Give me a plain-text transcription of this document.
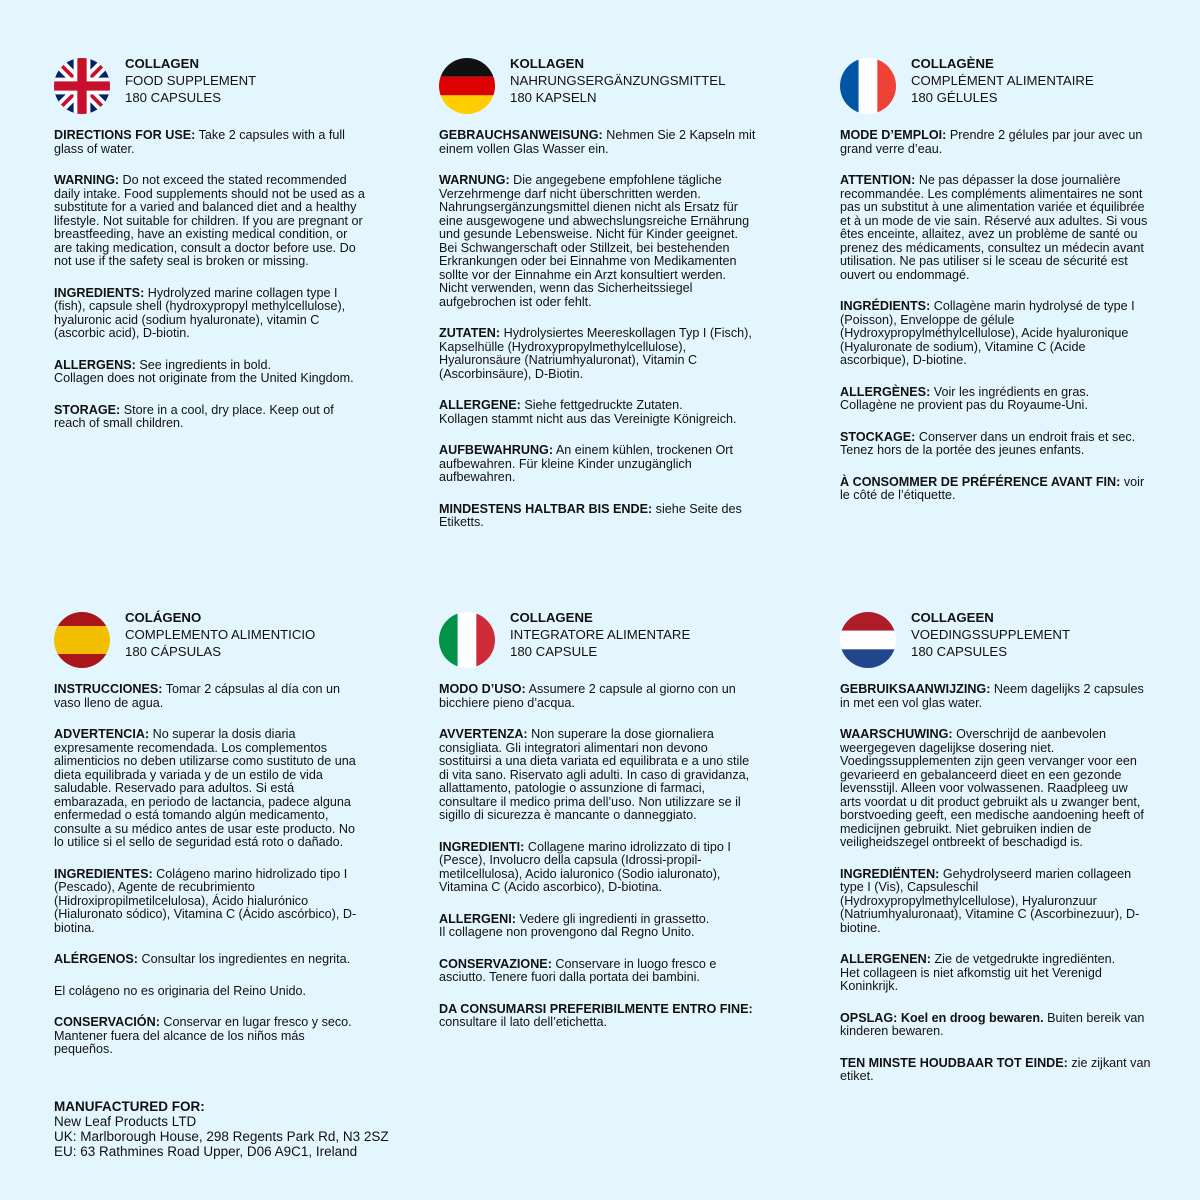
COLLAGEN
FOOD SUPPLEMENT
180 CAPSULES

DIRECTIONS FOR USE: Take 2 capsules with a full glass of water.

WARNING: Do not exceed the stated recommended daily intake. Food supplements should not be used as a substitute for a varied and balanced diet and a healthy lifestyle. Not suitable for children. If you are pregnant or breastfeeding, have an existing medical condition, or are taking medication, consult a doctor before use. Do not use if the safety seal is broken or missing.

INGREDIENTS: Hydrolyzed marine collagen type I (fish), capsule shell (hydroxypropyl methylcellulose), hyaluronic acid (sodium hyaluronate), vitamin C (ascorbic acid), D-biotin.

ALLERGENS: See ingredients in bold.
Collagen does not originate from the United Kingdom.

STORAGE: Store in a cool, dry place. Keep out of reach of small children.

KOLLAGEN
NAHRUNGSERGÄNZUNGSMITTEL
180 KAPSELN

GEBRAUCHSANWEISUNG: Nehmen Sie 2 Kapseln mit einem vollen Glas Wasser ein.

WARNUNG: Die angegebene empfohlene tägliche Verzehrmenge darf nicht überschritten werden. Nahrungsergänzungsmittel dienen nicht als Ersatz für eine ausgewogene und abwechslungsreiche Ernährung und gesunde Lebensweise. Nicht für Kinder geeignet. Bei Schwangerschaft oder Stillzeit, bei bestehenden Erkrankungen oder bei Einnahme von Medikamenten sollte vor der Einnahme ein Arzt konsultiert werden. Nicht verwenden, wenn das Sicherheitssiegel aufgebrochen ist oder fehlt.

ZUTATEN: Hydrolysiertes Meereskollagen Typ I (Fisch), Kapselhülle (Hydroxypropylmethylcellulose), Hyaluronsäure (Natriumhyaluronat), Vitamin C (Ascorbinsäure), D-Biotin.

ALLERGENE: Siehe fettgedruckte Zutaten.
Kollagen stammt nicht aus das Vereinigte Königreich.

AUFBEWAHRUNG: An einem kühlen, trockenen Ort aufbewahren. Für kleine Kinder unzugänglich aufbewahren.

MINDESTENS HALTBAR BIS ENDE: siehe Seite des Etiketts.

COLLAGÈNE
COMPLÉMENT ALIMENTAIRE
180 GÉLULES

MODE D’EMPLOI: Prendre 2 gélules par jour avec un grand verre d’eau.

ATTENTION: Ne pas dépasser la dose journalière recommandée. Les compléments alimentaires ne sont pas un substitut à une alimentation variée et équilibrée et à un mode de vie sain. Réservé aux adultes. Si vous êtes enceinte, allaitez, avez un problème de santé ou prenez des médicaments, consultez un médecin avant utilisation. Ne pas utiliser si le sceau de sécurité est ouvert ou endommagé.

INGRÉDIENTS: Collagène marin hydrolysé de type I (Poisson), Enveloppe de gélule (Hydroxypropylméthylcellulose), Acide hyaluronique (Hyaluronate de sodium), Vitamine C (Acide ascorbique), D-biotine.

ALLERGÈNES: Voir les ingrédients en gras.
Collagène ne provient pas du Royaume-Uni.

STOCKAGE: Conserver dans un endroit frais et sec. Tenez hors de la portée des jeunes enfants.

À CONSOMMER DE PRÉFÉRENCE AVANT FIN: voir le côté de l’étiquette.

COLÁGENO
COMPLEMENTO ALIMENTICIO
180 CÁPSULAS

INSTRUCCIONES: Tomar 2 cápsulas al día con un vaso lleno de agua.

ADVERTENCIA: No superar la dosis diaria expresamente recomendada. Los complementos alimenticios no deben utilizarse como sustituto de una dieta equilibrada y variada y de un estilo de vida saludable. Reservado para adultos. Si está embarazada, en periodo de lactancia, padece alguna enfermedad o está tomando algún medicamento, consulte a su médico antes de usar este producto. No lo utilice si el sello de seguridad está roto o dañado.

INGREDIENTES: Colágeno marino hidrolizado tipo I (Pescado), Agente de recubrimiento (Hidroxipropilmetilcelulosa), Ácido hialurónico (Hialuronato sódico), Vitamina C (Ácido ascórbico), D-biotina.

ALÉRGENOS: Consultar los ingredientes en negrita.

El colágeno no es originaria del Reino Unido.

CONSERVACIÓN: Conservar en lugar fresco y seco. Mantener fuera del alcance de los niños más pequeños.

COLLAGENE
INTEGRATORE ALIMENTARE
180 CAPSULE

MODO D’USO: Assumere 2 capsule al giorno con un bicchiere pieno d’acqua.

AVVERTENZA: Non superare la dose giornaliera consigliata. Gli integratori alimentari non devono sostituirsi a una dieta variata ed equilibrata e a uno stile di vita sano. Riservato agli adulti. In caso di gravidanza, allattamento, patologie o assunzione di farmaci, consultare il medico prima dell’uso. Non utilizzare se il sigillo di sicurezza è mancante o danneggiato.

INGREDIENTI: Collagene marino idrolizzato di tipo I (Pesce), Involucro della capsula (Idrossi-propil-metilcellulosa), Acido ialuronico (Sodio ialuronato), Vitamina C (Acido ascorbico), D-biotina.

ALLERGENI: Vedere gli ingredienti in grassetto.
Il collagene non provengono dal Regno Unito.

CONSERVAZIONE: Conservare in luogo fresco e asciutto. Tenere fuori dalla portata dei bambini.

DA CONSUMARSI PREFERIBILMENTE ENTRO FINE:
consultare il lato dell’etichetta.

COLLAGEEN
VOEDINGSSUPPLEMENT
180 CAPSULES

GEBRUIKSAANWIJZING: Neem dagelijks 2 capsules in met een vol glas water.

WAARSCHUWING: Overschrijd de aanbevolen weergegeven dagelijkse dosering niet. Voedingssupplementen zijn geen vervanger voor een gevarieerd en gebalanceerd dieet en een gezonde levensstijl. Alleen voor volwassenen. Raadpleeg uw arts voordat u dit product gebruikt als u zwanger bent, borstvoeding geeft, een medische aandoening heeft of medicijnen gebruikt. Niet gebruiken indien de veiligheidszegel ontbreekt of beschadigd is.

INGREDIËNTEN: Gehydrolyseerd marien collageen type I (Vis), Capsuleschil (Hydroxypropylmethylcellulose), Hyaluronzuur (Natriumhyaluronaat), Vitamine C (Ascorbinezuur), D-biotine.

ALLERGENEN: Zie de vetgedrukte ingrediënten.
Het collageen is niet afkomstig uit het Verenigd Koninkrijk.

OPSLAG: Koel en droog bewaren. Buiten bereik van kinderen bewaren.

TEN MINSTE HOUDBAAR TOT EINDE: zie zijkant van etiket.

MANUFACTURED FOR:
New Leaf Products LTD
UK: Marlborough House, 298 Regents Park Rd, N3 2SZ
EU: 63 Rathmines Road Upper, D06 A9C1, Ireland
